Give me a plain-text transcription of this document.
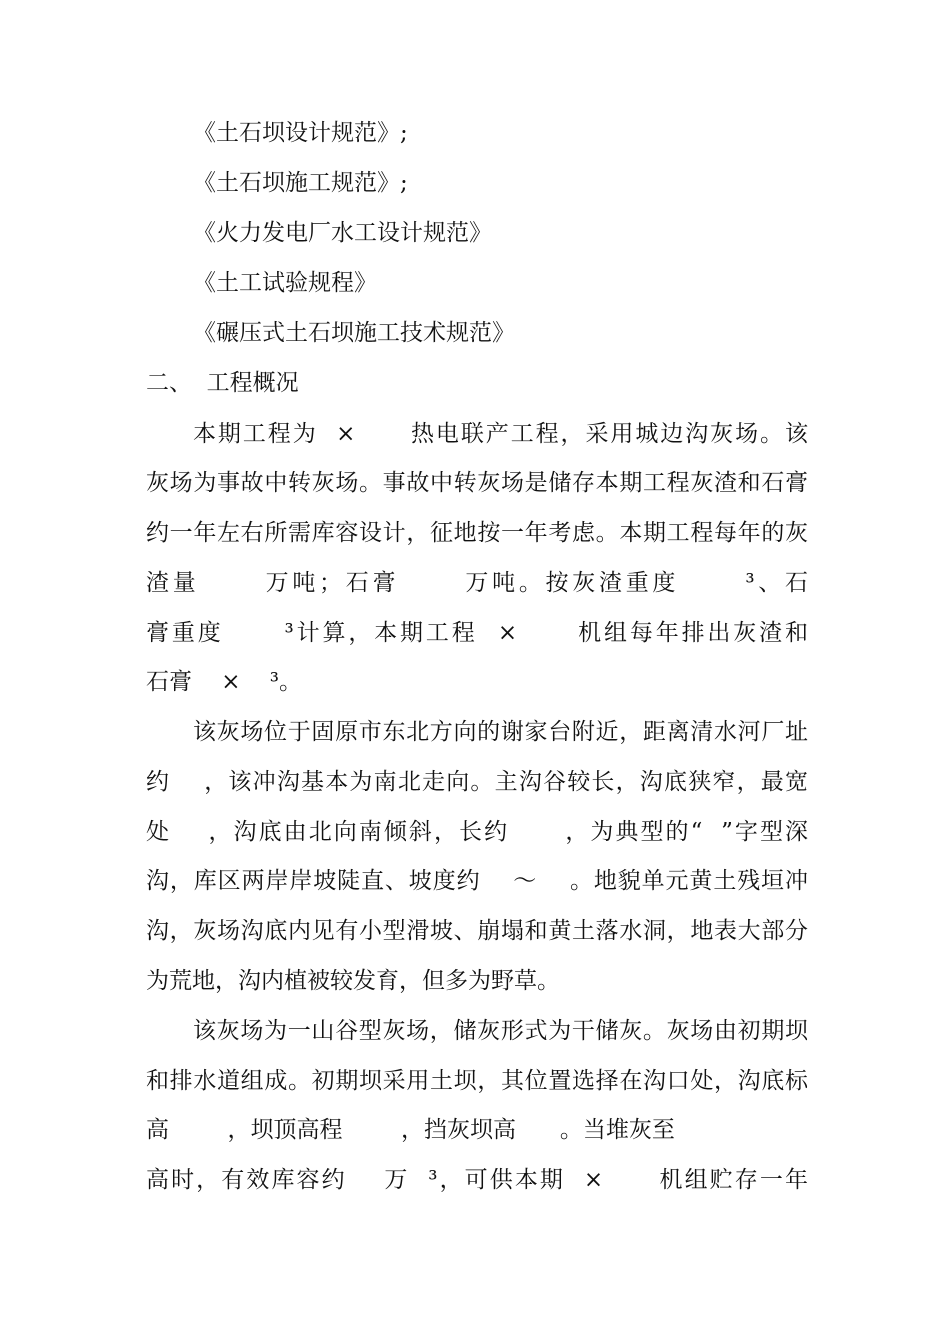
《土石坝设计规范》;
《土石坝施工规范》;
《火力发电厂水工设计规范》
《土工试验规程》
《碾压式土石坝施工技术规范》
二、  工程概况
本期工程为  ×      热电联产工程，采用城边沟灰场。该
灰场为事故中转灰场。事故中转灰场是储存本期工程灰渣和石膏
约一年左右所需库容设计，征地按一年考虑。本期工程每年的灰
渣量      万吨；石膏      万吨。按灰渣重度      ³、石
膏重度      ³计算，本期工程  ×      机组每年排出灰渣和
石膏    ×    ³。
该灰场位于固原市东北方向的谢家台附近，距离清水河厂址
约    ，该冲沟基本为南北走向。主沟谷较长，沟底狭窄，最宽
处    ，沟底由北向南倾斜，长约      ，为典型的“  ”字型深
沟，库区两岸岸坡陡直、坡度约    ～    。地貌单元黄土残垣冲
沟，灰场沟底内见有小型滑坡、崩塌和黄土落水洞，地表大部分
为荒地，沟内植被较发育，但多为野草。
该灰场为一山谷型灰场，储灰形式为干储灰。灰场由初期坝
和排水道组成。初期坝采用土坝，其位置选择在沟口处，沟底标
高        ，坝顶高程        ，挡灰坝高      。当堆灰至
高时，有效库容约    万  ³，可供本期  ×      机组贮存一年
